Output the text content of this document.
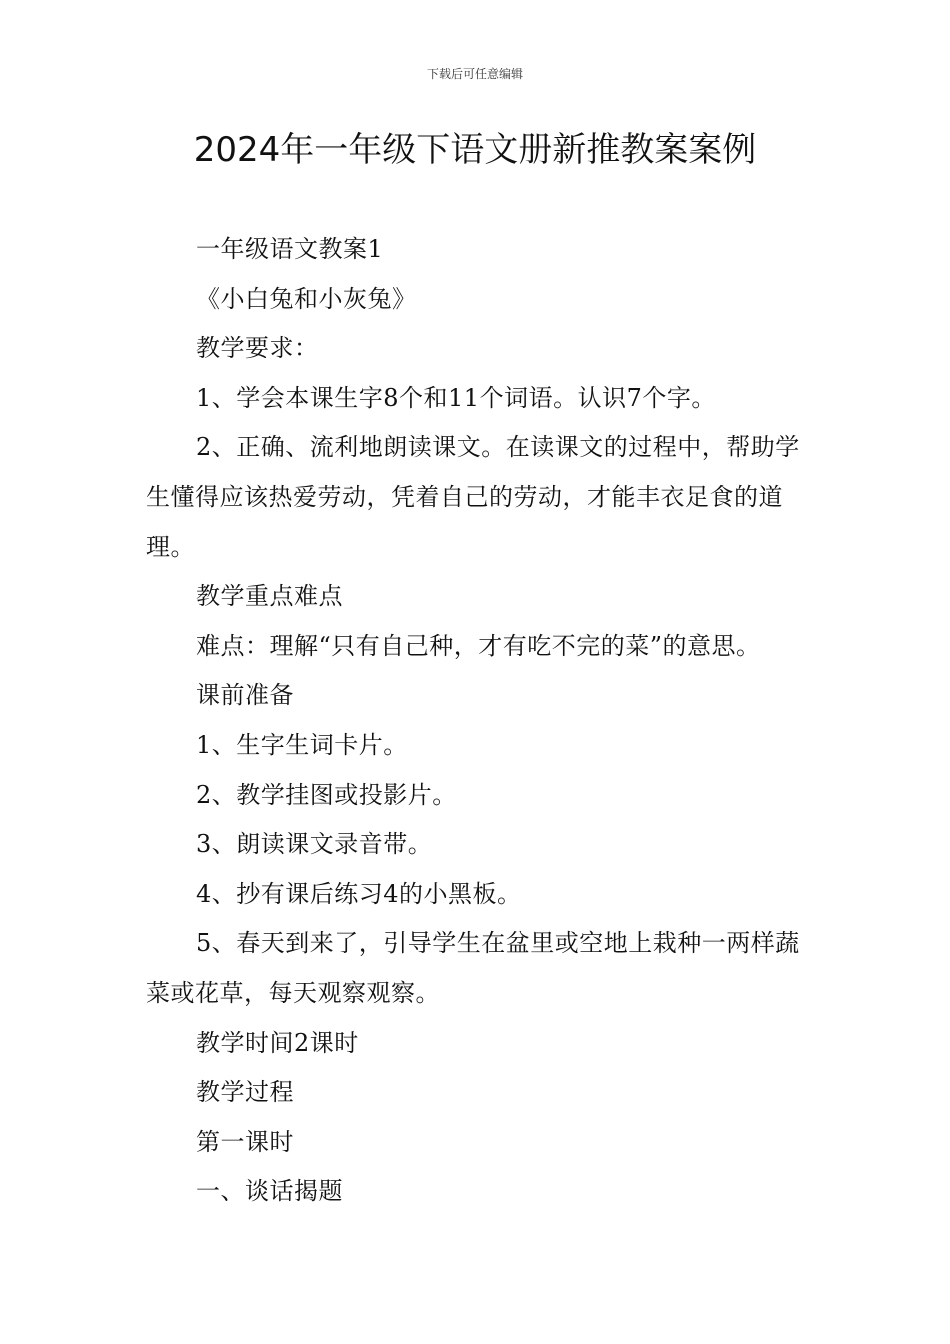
下载后可任意编辑
2024年一年级下语文册新推教案案例

一年级语文教案1

《小白兔和小灰兔》

教学要求：

1、学会本课生字8个和11个词语。认识7个字。

2、正确、流利地朗读课文。在读课文的过程中，帮助学生懂得应该热爱劳动，凭着自己的劳动，才能丰衣足食的道理。

教学重点难点

难点：理解“只有自己种，才有吃不完的菜”的意思。

课前准备

1、生字生词卡片。

2、教学挂图或投影片。

3、朗读课文录音带。

4、抄有课后练习4的小黑板。

5、春天到来了，引导学生在盆里或空地上栽种一两样蔬菜或花草，每天观察观察。

教学时间2课时

教学过程

第一课时

一、谈话揭题
